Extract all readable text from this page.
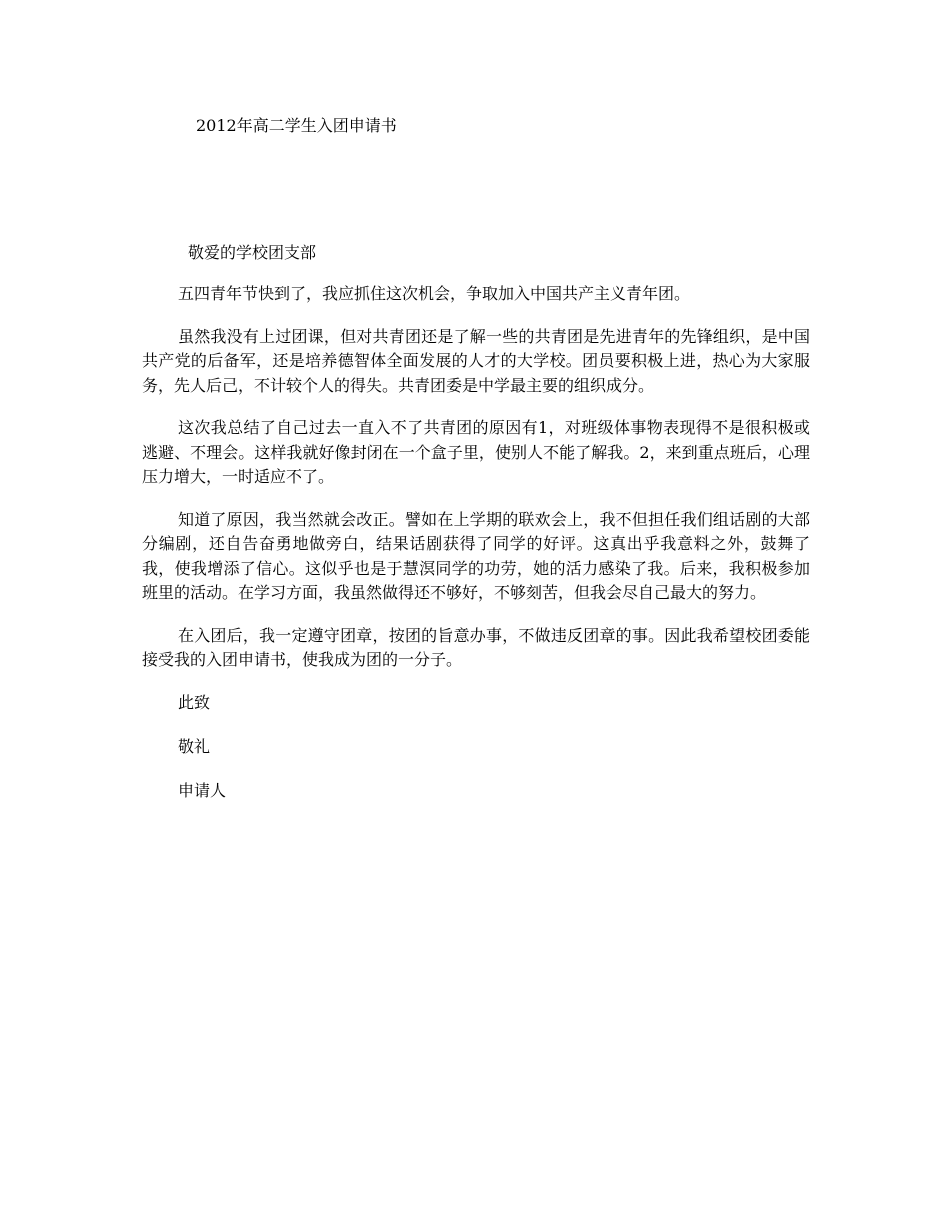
2012年高二学生入团申请书
敬爱的学校团支部

五四青年节快到了，我应抓住这次机会，争取加入中国共产主义青年团。

虽然我没有上过团课，但对共青团还是了解一些的共青团是先进青年的先锋组织，是中国共产党的后备军，还是培养德智体全面发展的人才的大学校。团员要积极上进，热心为大家服务，先人后己，不计较个人的得失。共青团委是中学最主要的组织成分。

这次我总结了自己过去一直入不了共青团的原因有1，对班级体事物表现得不是很积极或逃避、不理会。这样我就好像封闭在一个盒子里，使别人不能了解我。2，来到重点班后，心理压力增大，一时适应不了。

知道了原因，我当然就会改正。譬如在上学期的联欢会上，我不但担任我们组话剧的大部分编剧，还自告奋勇地做旁白，结果话剧获得了同学的好评。这真出乎我意料之外，鼓舞了我，使我增添了信心。这似乎也是于慧溟同学的功劳，她的活力感染了我。后来，我积极参加班里的活动。在学习方面，我虽然做得还不够好，不够刻苦，但我会尽自己最大的努力。

在入团后，我一定遵守团章，按团的旨意办事，不做违反团章的事。因此我希望校团委能接受我的入团申请书，使我成为团的一分子。

此致

敬礼

申请人
